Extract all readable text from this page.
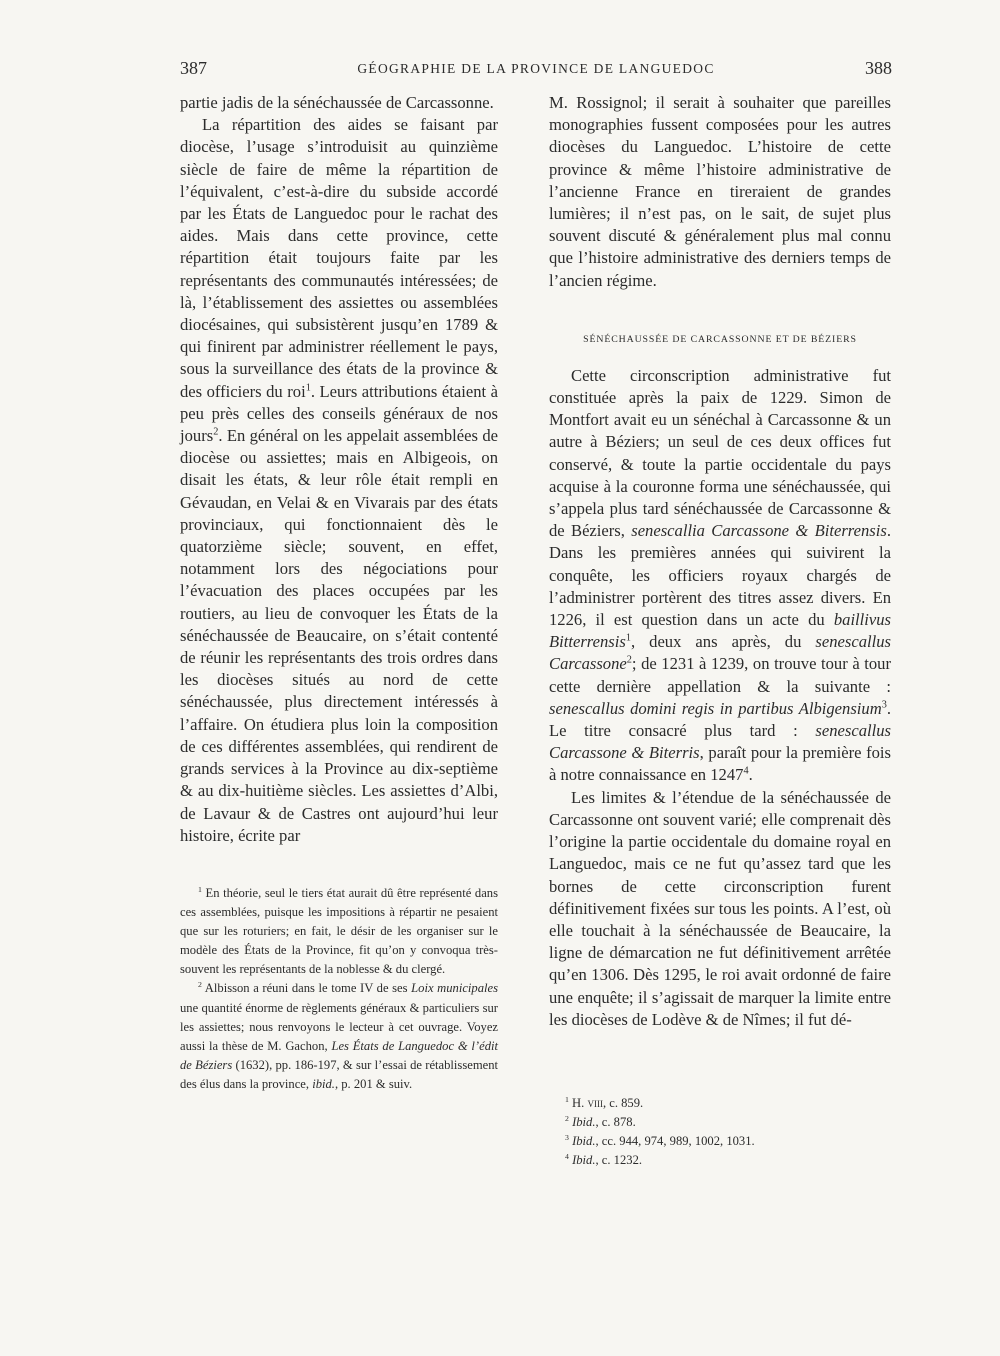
387	GÉOGRAPHIE DE LA PROVINCE DE LANGUEDOC	388

partie jadis de la sénéchaussée de Carcassonne.

La répartition des aides se faisant par diocèse, l’usage s’introduisit au quinzième siècle de faire de même la répartition de l’équivalent, c’est-à-dire du subside accordé par les États de Languedoc pour le rachat des aides. Mais dans cette province, cette répartition était toujours faite par les représentants des communautés intéressées; de là, l’établissement des assiettes ou assemblées diocésaines, qui subsistèrent jusqu’en 1789 & qui finirent par administrer réellement le pays, sous la surveillance des états de la province & des officiers du roi$^1$. Leurs attributions étaient à peu près celles des conseils généraux de nos jours$^2$. En général on les appelait assemblées de diocèse ou assiettes; mais en Albigeois, on disait les états, & leur rôle était rempli en Gévaudan, en Velai & en Vivarais par des états provinciaux, qui fonctionnaient dès le quatorzième siècle; souvent, en effet, notamment lors des négociations pour l’évacuation des places occupées par les routiers, au lieu de convoquer les États de la sénéchaussée de Beaucaire, on s’était contenté de réunir les représentants des trois ordres dans les diocèses situés au nord de cette sénéchaussée, plus directement intéressés à l’affaire. On étudiera plus loin la composition de ces différentes assemblées, qui rendirent de grands services à la Province au dix-septième & au dix-huitième siècles. Les assiettes d’Albi, de Lavaur & de Castres ont aujourd’hui leur histoire, écrite par

$^1$ En théorie, seul le tiers état aurait dû être représenté dans ces assemblées, puisque les impositions à répartir ne pesaient que sur les roturiers; en fait, le désir de les organiser sur le modèle des États de la Province, fit qu’on y convoqua très-souvent les représentants de la noblesse & du clergé.

$^2$ Albisson a réuni dans le tome IV de ses Loix municipales une quantité énorme de règlements généraux & particuliers sur les assiettes; nous renvoyons le lecteur à cet ouvrage. Voyez aussi la thèse de M. Gachon, Les États de Languedoc & l’édit de Béziers (1632), pp. 186-197, & sur l’essai de rétablissement des élus dans la province, ibid., p. 201 & suiv.

M. Rossignol; il serait à souhaiter que pareilles monographies fussent composées pour les autres diocèses du Languedoc. L’histoire de cette province & même l’histoire administrative de l’ancienne France en tireraient de grandes lumières; il n’est pas, on le sait, de sujet plus souvent discuté & généralement plus mal connu que l’histoire administrative des derniers temps de l’ancien régime.

SÉNÉCHAUSSÉE DE CARCASSONNE ET DE BÉZIERS

Cette circonscription administrative fut constituée après la paix de 1229. Simon de Montfort avait eu un sénéchal à Carcassonne & un autre à Béziers; un seul de ces deux offices fut conservé, & toute la partie occidentale du pays acquise à la couronne forma une sénéchaussée, qui s’appela plus tard sénéchaussée de Carcassonne & de Béziers, senescallia Carcassone & Biterrensis. Dans les premières années qui suivirent la conquête, les officiers royaux chargés de l’administrer portèrent des titres assez divers. En 1226, il est question dans un acte du baillivus Bitterrensis$^1$, deux ans après, du senescallus Carcassone$^2$; de 1231 à 1239, on trouve tour à tour cette dernière appellation & la suivante : senescallus domini regis in partibus Albigensium$^3$. Le titre consacré plus tard : senescallus Carcassone & Biterris, paraît pour la première fois à notre connaissance en 1247$^4$.

Les limites & l’étendue de la sénéchaussée de Carcassonne ont souvent varié; elle comprenait dès l’origine la partie occidentale du domaine royal en Languedoc, mais ce ne fut qu’assez tard que les bornes de cette circonscription furent définitivement fixées sur tous les points. A l’est, où elle touchait à la sénéchaussée de Beaucaire, la ligne de démarcation ne fut définitivement arrêtée qu’en 1306. Dès 1295, le roi avait ordonné de faire une enquête; il s’agissait de marquer la limite entre les diocèses de Lodève & de Nîmes; il fut dé-

$^1$ H. viii, c. 859.

$^2$ Ibid., c. 878.

$^3$ Ibid., cc. 944, 974, 989, 1002, 1031.

$^4$ Ibid., c. 1232.
